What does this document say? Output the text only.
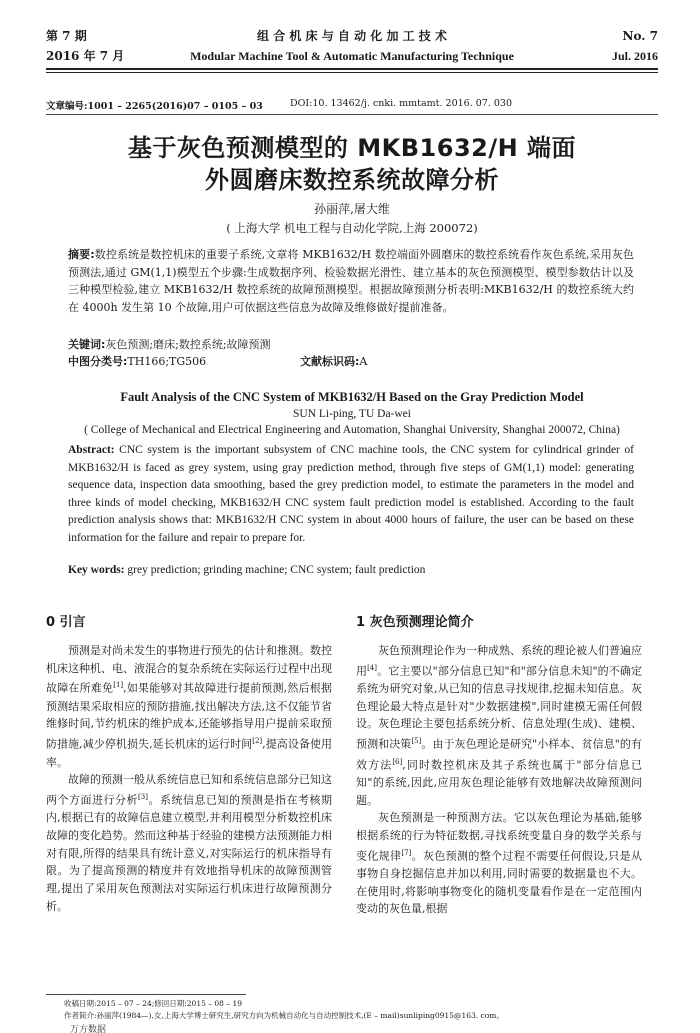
第 7 期	组 合 机 床 与 自 动 化 加 工 技 术	No. 7
2016 年 7 月	Modular Machine Tool & Automatic Manufacturing Technique	Jul. 2016
文章编号:1001 – 2265(2016)07 – 0105 – 03	DOI:10. 13462/j. cnki. mmtamt. 2016. 07. 030
基于灰色预测模型的 MKB1632/H 端面
外圆磨床数控系统故障分析
孙丽萍,屠大维
( 上海大学 机电工程与自动化学院,上海 200072)
摘要:数控系统是数控机床的重要子系统,文章将 MKB1632/H 数控端面外圆磨床的数控系统看作灰色系统,采用灰色预测法,通过 GM(1,1)模型五个步骤:生成数据序列、检验数据光滑性、建立基本的灰色预测模型、模型参数估计以及三种模型检验,建立 MKB1632/H 数控系统的故障预测模型。根据故障预测分析表明:MKB1632/H 的数控系统大约在 4000h 发生第 10 个故障,用户可依据这些信息为故障及维修做好提前准备。
关键词:灰色预测;磨床;数控系统;故障预测
中图分类号:TH166;TG506	文献标识码:A
Fault Analysis of the CNC System of MKB1632/H Based on the Gray Prediction Model
SUN Li-ping, TU Da-wei
( College of Mechanical and Electrical Engineering and Automation, Shanghai University, Shanghai 200072, China)
Abstract: CNC system is the important subsystem of CNC machine tools, the CNC system for cylindrical grinder of MKB1632/H is faced as grey system, using gray prediction method, through five steps of GM(1,1) model: generating sequence data, inspection data smoothing, based the grey prediction model, to estimate the parameters in the model and three kinds of model checking, MKB1632/H CNC system fault prediction model is established. According to the fault prediction analysis shows that: MKB1632/H CNC system in about 4000 hours of failure, the user can be based on these information for the failure and repair to prepare for.
Key words: grey prediction; grinding machine; CNC system; fault prediction
0 引言
预测是对尚未发生的事物进行预先的估计和推测。数控机床这种机、电、液混合的复杂系统在实际运行过程中出现故障在所难免[1],如果能够对其故障进行提前预测,然后根据预测结果采取相应的预防措施,找出解决方法,这不仅能节省维修时间,节约机床的维护成本,还能够指导用户提前采取预防措施,减少停机损失,延长机床的运行时间[2],提高设备使用率。
故障的预测一般从系统信息已知和系统信息部分已知这两个方面进行分析[3]。系统信息已知的预测是指在考核期内,根据已有的故障信息建立模型,并利用模型分析数控机床故障的变化趋势。然而这种基于经验的建模方法预测能力相对有限,所得的结果具有统计意义,对实际运行的机床指导有限。为了提高预测的精度并有效地指导机床的故障预测管理,提出了采用灰色预测法对实际运行机床进行故障预测分析。
1 灰色预测理论简介
灰色预测理论作为一种成熟、系统的理论被人们普遍应用[4]。它主要以"部分信息已知"和"部分信息未知"的不确定系统为研究对象,从已知的信息寻找规律,挖掘未知信息。灰色理论最大特点是针对"少数据建模",同时建模无需任何假设。灰色理论主要包括系统分析、信息处理(生成)、建模、预测和决策[5]。由于灰色理论是研究"小样本、贫信息"的有效方法[6],同时数控机床及其子系统也属于"部分信息已知"的系统,因此,应用灰色理论能够有效地解决故障预测问题。
灰色预测是一种预测方法。它以灰色理论为基础,能够根据系统的行为特征数据,寻找系统变量自身的数学关系与变化规律[7]。灰色预测的整个过程不需要任何假设,只是从事物自身挖掘信息并加以利用,同时需要的数据量也不大。在使用时,将影响事物变化的随机变量看作是在一定范围内变动的灰色量,根据
收稿日期:2015 – 07 – 24;修回日期:2015 – 08 – 19
作者简介:孙丽萍(1984—),女,上海大学博士研究生,研究方向为机械自动化与自动控制技术,(E – mail)sunliping0915@163. com。
万方数据
